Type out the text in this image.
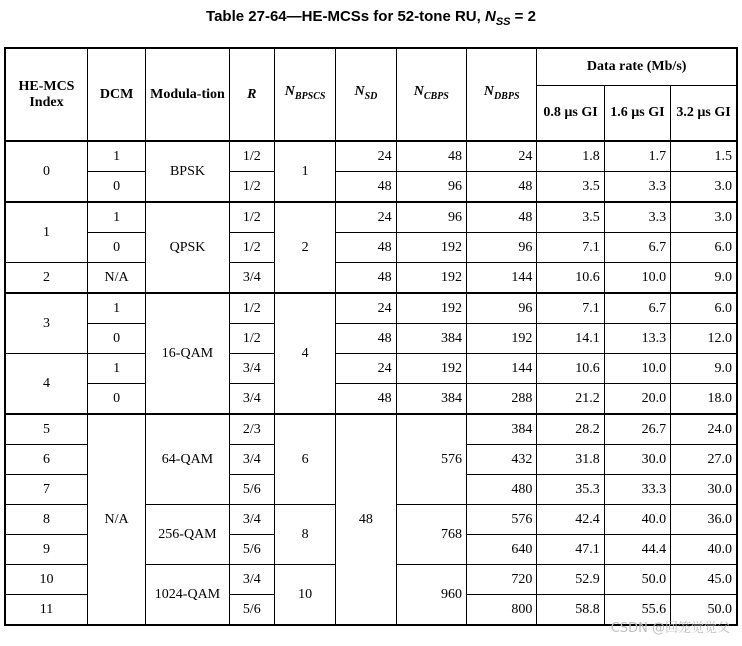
Table 27-64—HE-MCSs for 52-tone RU, $N_{SS} = 2$
HE-MCS Index	DCM	Modula-tion	R	$N_{BPSCS}$	$N_{SD}$	$N_{CBPS}$	$N_{DBPS}$	Data rate (Mb/s)		
								0.8 µs GI	1.6 µs GI	3.2 µs GI
0	1	BPSK	1/2	1	24	48	24	1.8	1.7	1.5
	0		1/2		48	96	48	3.5	3.3	3.0
1	1	QPSK	1/2	2	24	96	48	3.5	3.3	3.0
	0		1/2		48	192	96	7.1	6.7	6.0
2	N/A		3/4		48	192	144	10.6	10.0	9.0
3	1	16-QAM	1/2	4	24	192	96	7.1	6.7	6.0
	0		1/2		48	384	192	14.1	13.3	12.0
4	1		3/4		24	192	144	10.6	10.0	9.0
	0		3/4		48	384	288	21.2	20.0	18.0
5	N/A	64-QAM	2/3	6	48	576	384	28.2	26.7	24.0
6			3/4				432	31.8	30.0	27.0
7			5/6				480	35.3	33.3	30.0
8		256-QAM	3/4	8		768	576	42.4	40.0	36.0
9			5/6				640	47.1	44.4	40.0
10		1024-QAM	3/4	10		960	720	52.9	50.0	45.0
11			5/6				800	58.8	55.6	50.0
CSDN @回笼觉觉父
